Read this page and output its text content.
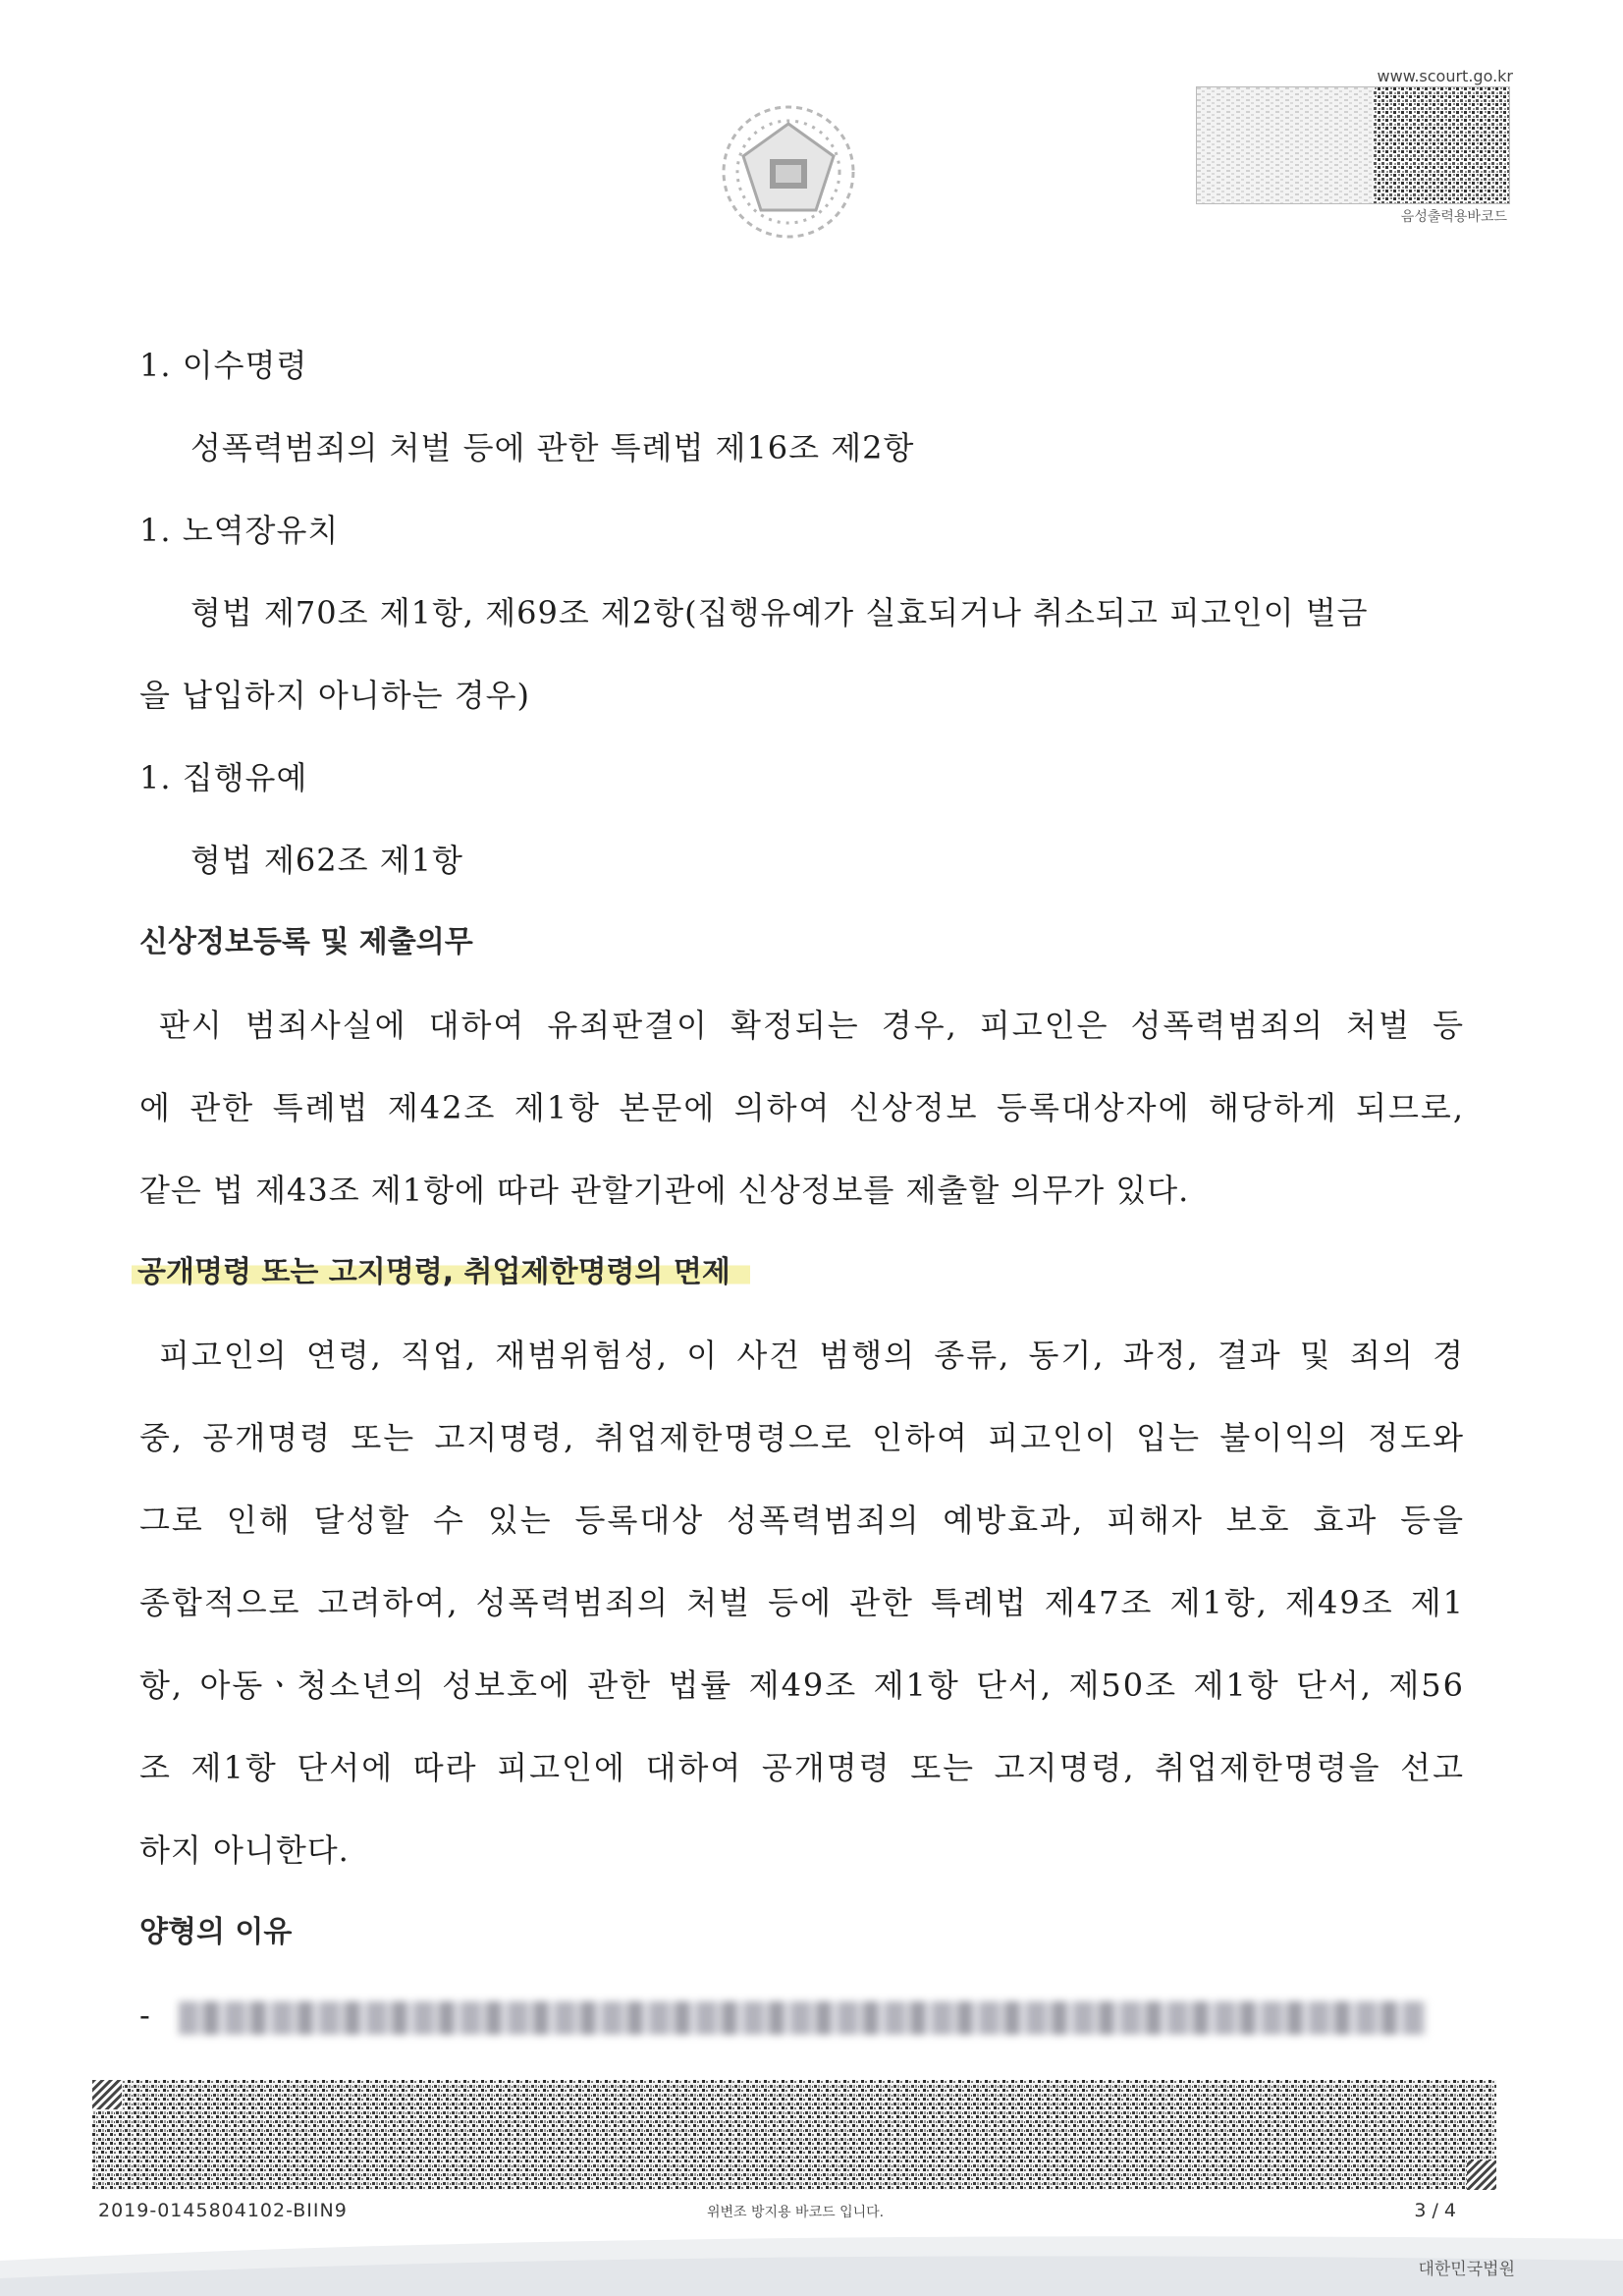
www.scourt.go.kr
음성출력용바코드
1. 이수명령
성폭력범죄의 처벌 등에 관한 특례법 제16조 제2항
1. 노역장유치
형법 제70조 제1항, 제69조 제2항(집행유예가 실효되거나 취소되고 피고인이 벌금
을 납입하지 아니하는 경우)
1. 집행유예
형법 제62조 제1항
신상정보등록 및 제출의무
판시 범죄사실에 대하여 유죄판결이 확정되는 경우, 피고인은 성폭력범죄의 처벌 등
에 관한 특례법 제42조 제1항 본문에 의하여 신상정보 등록대상자에 해당하게 되므로,
같은 법 제43조 제1항에 따라 관할기관에 신상정보를 제출할 의무가 있다.
공개명령 또는 고지명령, 취업제한명령의 면제
피고인의 연령, 직업, 재범위험성, 이 사건 범행의 종류, 동기, 과정, 결과 및 죄의 경
중, 공개명령 또는 고지명령, 취업제한명령으로 인하여 피고인이 입는 불이익의 정도와
그로 인해 달성할 수 있는 등록대상 성폭력범죄의 예방효과, 피해자 보호 효과 등을
종합적으로 고려하여, 성폭력범죄의 처벌 등에 관한 특례법 제47조 제1항, 제49조 제1
항, 아동ㆍ청소년의 성보호에 관한 법률 제49조 제1항 단서, 제50조 제1항 단서, 제56
조 제1항 단서에 따라 피고인에 대하여 공개명령 또는 고지명령, 취업제한명령을 선고
하지 아니한다.
양형의 이유
-
2019-0145804102-BIIN9	위변조 방지용 바코드 입니다.	3 / 4
대한민국법원
